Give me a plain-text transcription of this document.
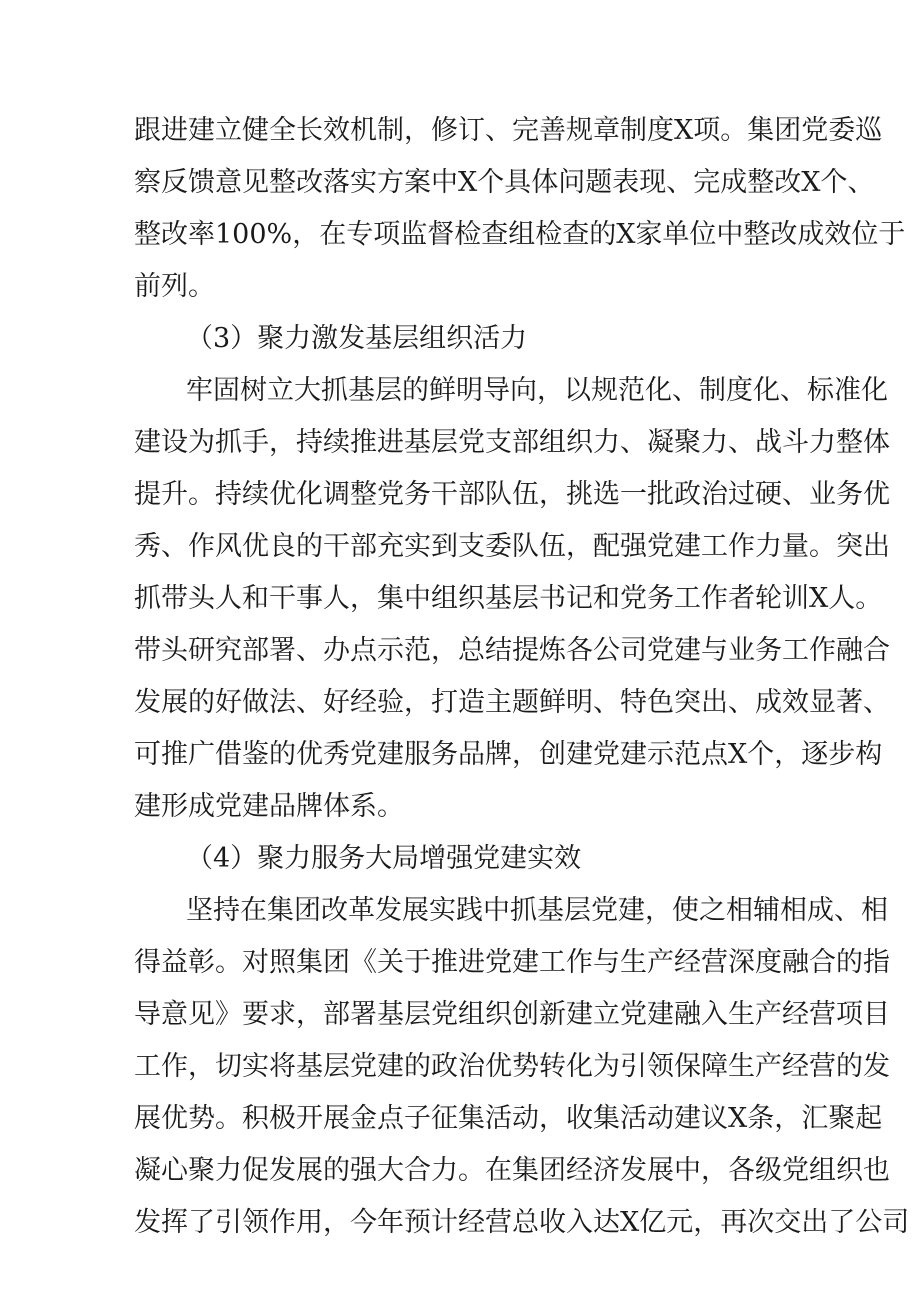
跟进建立健全长效机制，修订、完善规章制度X项。集团党委巡
察反馈意见整改落实方案中X个具体问题表现、完成整改X个、
整改率100%，在专项监督检查组检查的X家单位中整改成效位于
前列。
（3）聚力激发基层组织活力
牢固树立大抓基层的鲜明导向，以规范化、制度化、标准化
建设为抓手，持续推进基层党支部组织力、凝聚力、战斗力整体
提升。持续优化调整党务干部队伍，挑选一批政治过硬、业务优
秀、作风优良的干部充实到支委队伍，配强党建工作力量。突出
抓带头人和干事人，集中组织基层书记和党务工作者轮训X人。
带头研究部署、办点示范，总结提炼各公司党建与业务工作融合
发展的好做法、好经验，打造主题鲜明、特色突出、成效显著、
可推广借鉴的优秀党建服务品牌，创建党建示范点X个，逐步构
建形成党建品牌体系。
（4）聚力服务大局增强党建实效
坚持在集团改革发展实践中抓基层党建，使之相辅相成、相
得益彰。对照集团《关于推进党建工作与生产经营深度融合的指
导意见》要求，部署基层党组织创新建立党建融入生产经营项目
工作，切实将基层党建的政治优势转化为引领保障生产经营的发
展优势。积极开展金点子征集活动，收集活动建议X条，汇聚起
凝心聚力促发展的强大合力。在集团经济发展中，各级党组织也
发挥了引领作用，今年预计经营总收入达X亿元，再次交出了公司
